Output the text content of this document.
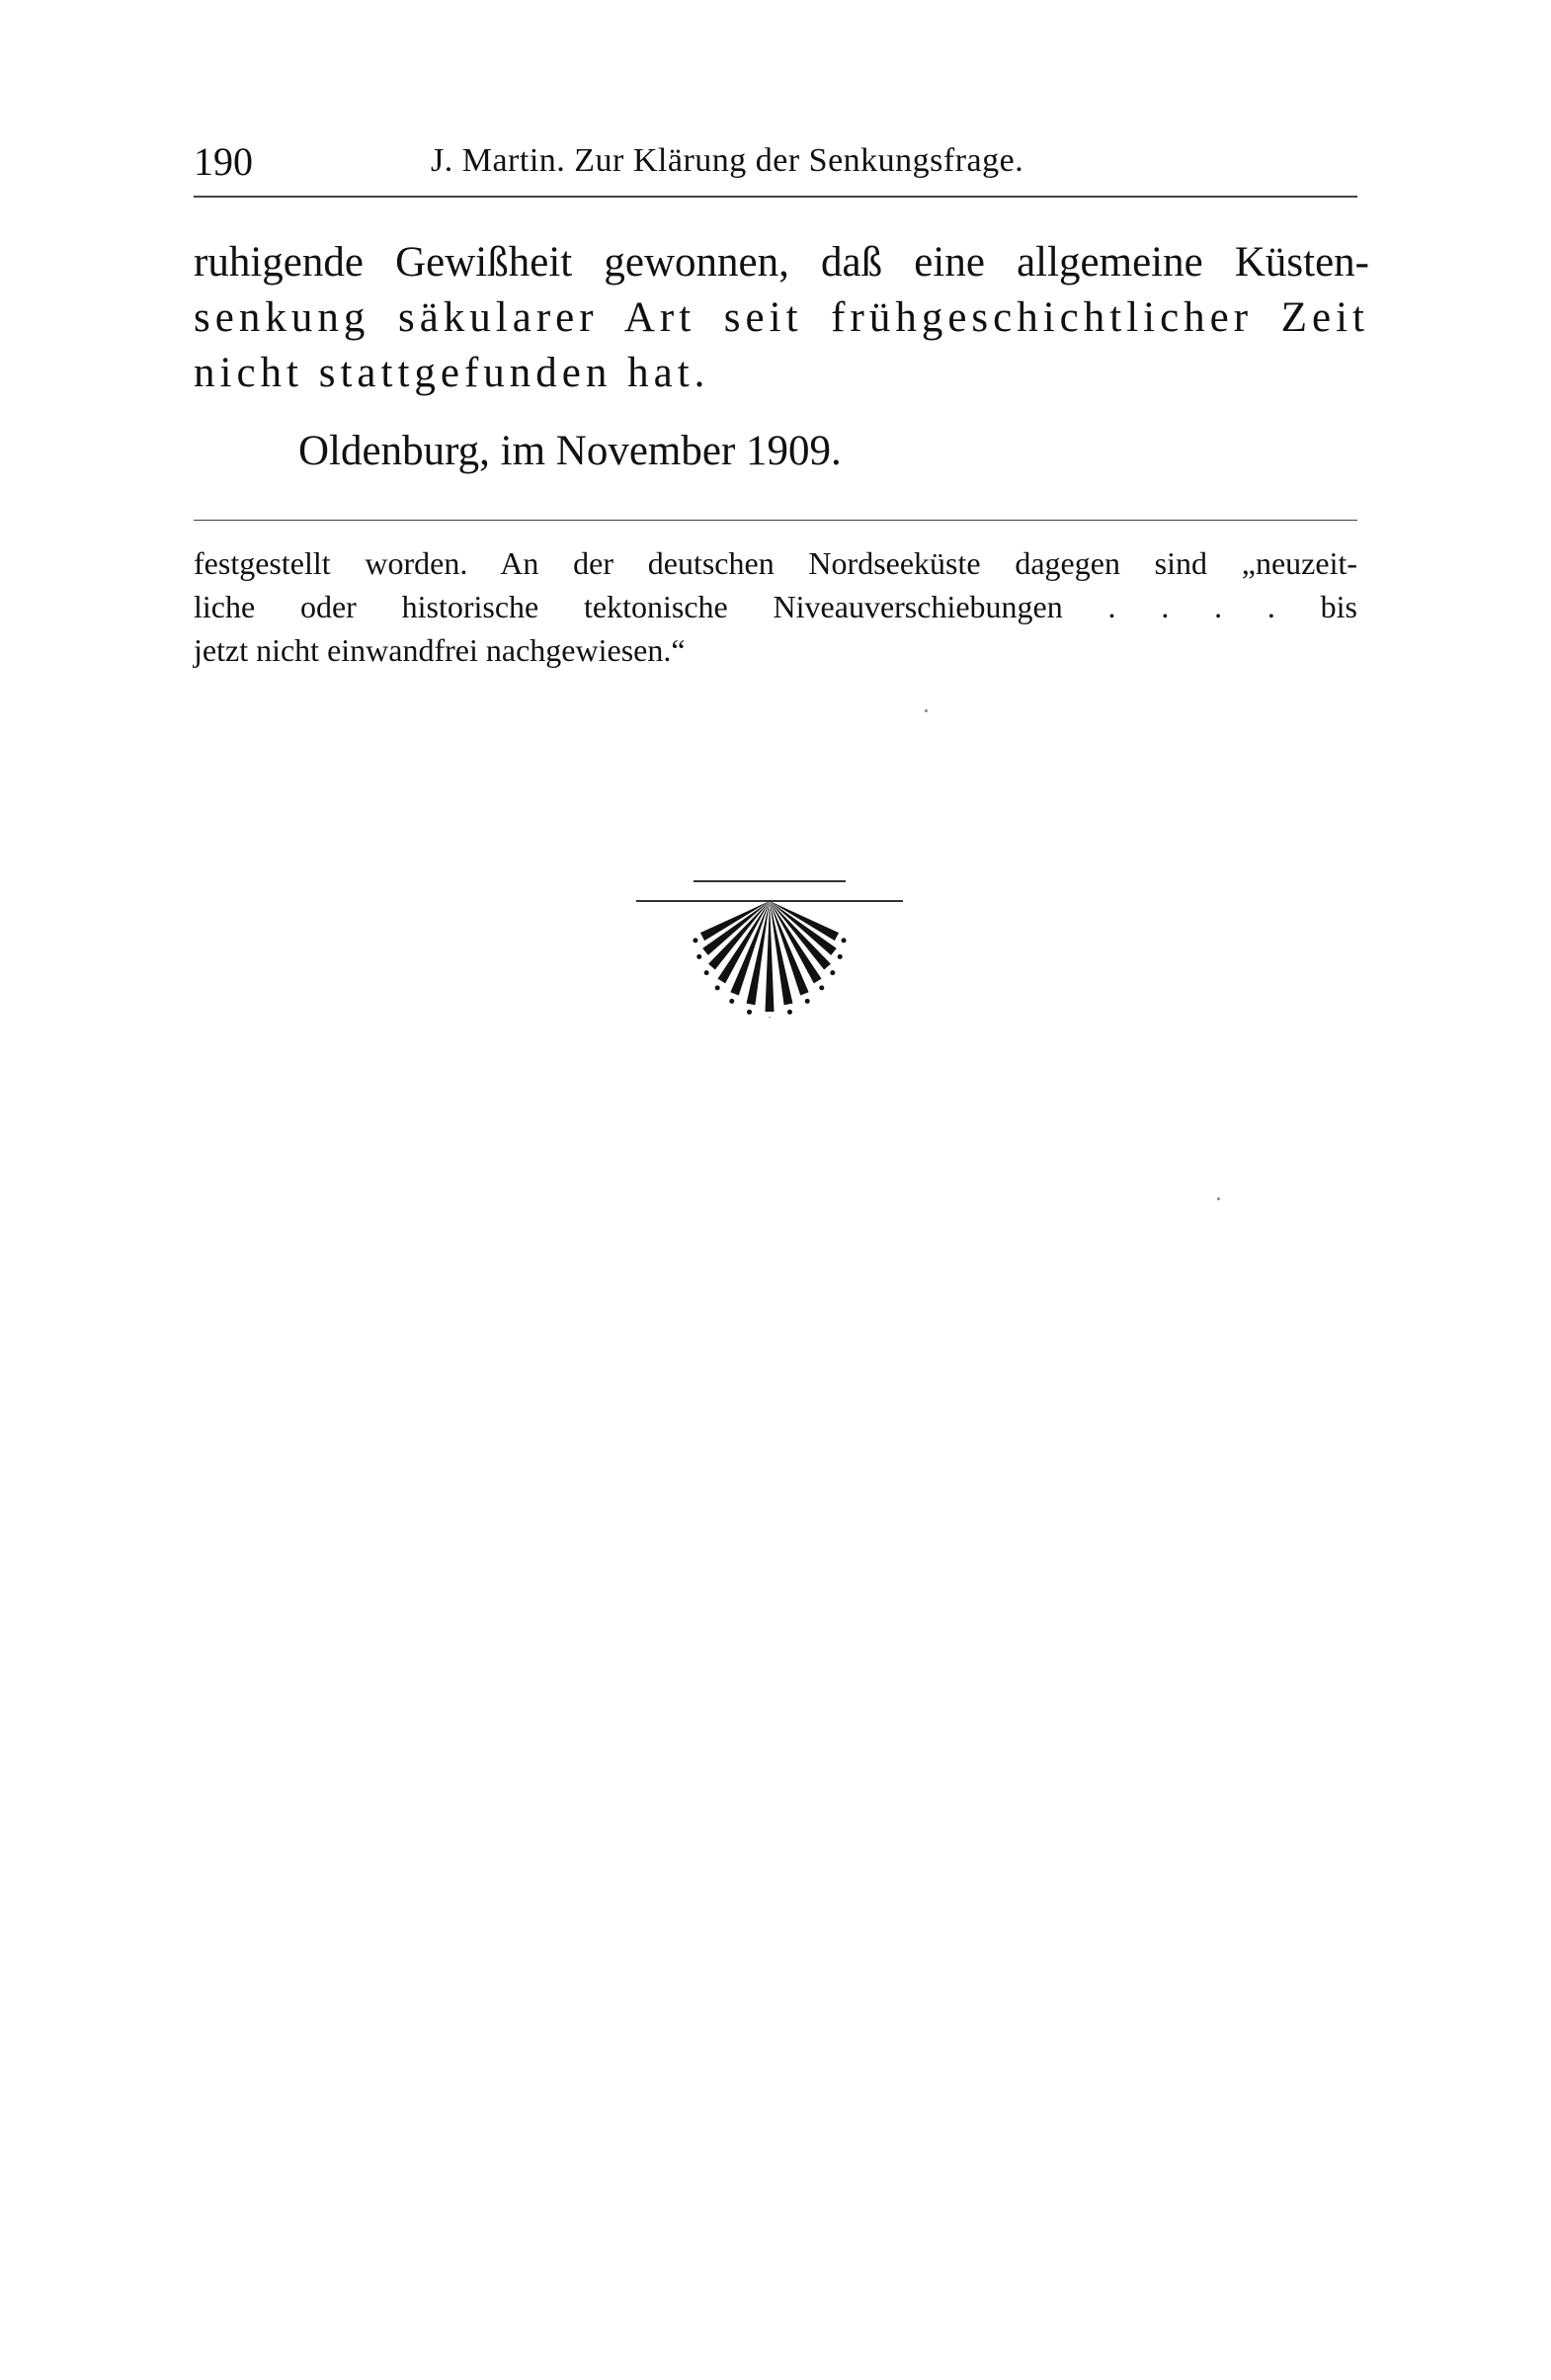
190	J. Martin. Zur Klärung der Senkungsfrage.
ruhigende Gewißheit gewonnen, daß eine allgemeine Küsten-
senkung säkularer Art seit frühgeschichtlicher Zeit
nicht stattgefunden hat.
Oldenburg, im November 1909.
festgestellt worden. An der deutschen Nordseeküste dagegen sind „neuzeit-
liche oder historische tektonische Niveauverschiebungen . . . . bis
jetzt nicht einwandfrei nachgewiesen.“
